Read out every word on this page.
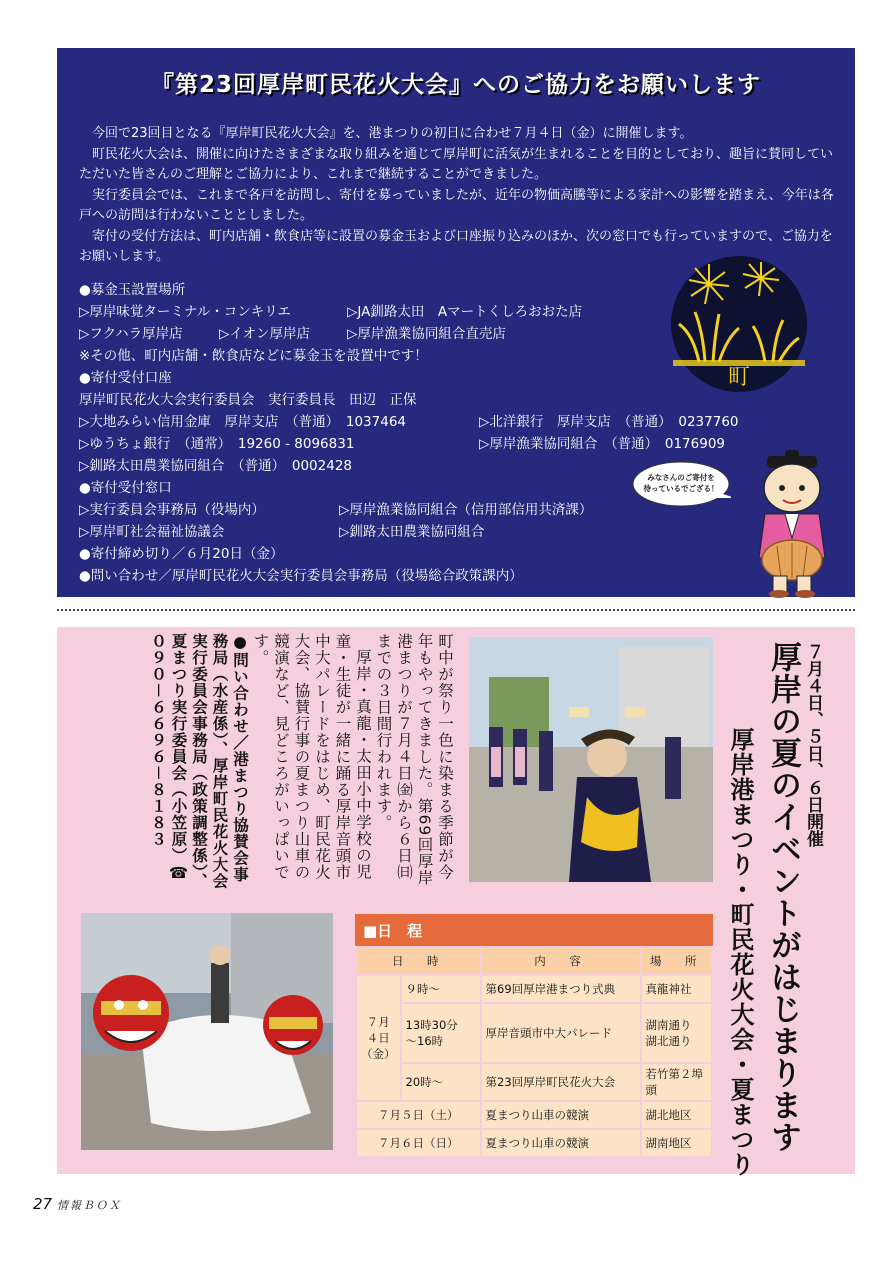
『第23回厚岸町民花火大会』へのご協力をお願いします

今回で23回目となる『厚岸町民花火大会』を、港まつりの初日に合わせ７月４日（金）に開催します。

町民花火大会は、開催に向けたさまざまな取り組みを通じて厚岸町に活気が生まれることを目的としており、趣旨に賛同していただいた皆さんのご理解とご協力により、これまで継続することができました。

実行委員会では、これまで各戸を訪問し、寄付を募っていましたが、近年の物価高騰等による家計への影響を踏まえ、今年は各戸への訪問は行わないこととしました。

寄付の受付方法は、町内店舗・飲食店等に設置の募金玉および口座振り込みのほか、次の窓口でも行っていますので、ご協力をお願いします。

●募金玉設置場所
▷厚岸味覚ターミナル・コンキリエ	▷JA釧路太田　Aマートくしろおおた店
▷フクハラ厚岸店	▷イオン厚岸店	▷厚岸漁業協同組合直売店
※その他、町内店舗・飲食店などに募金玉を設置中です！
●寄付受付口座
厚岸町民花火大会実行委員会　実行委員長　田辺　正保
▷大地みらい信用金庫　厚岸支店　（普通）　1037464	▷北洋銀行　厚岸支店　（普通）　0237760
▷ゆうちょ銀行　（通常）　19260 - 8096831	▷厚岸漁業協同組合　（普通）　0176909
▷釧路太田農業協同組合　（普通）　0002428
●寄付受付窓口
▷実行委員会事務局（役場内）	▷厚岸漁業協同組合（信用部信用共済課）
▷厚岸町社会福祉協議会	▷釧路太田農業協同組合
●寄付締め切り／６月20日（金）
●問い合わせ／厚岸町民花火大会実行委員会事務局（役場総合政策課内）
町
みなさんのご寄付を
待っているでござる！
７月４日、５日、６日開催
厚岸の夏のイベントがはじまります
厚岸港まつり・町民花火大会・夏まつり

町中が祭り一色に染まる季節が今年もやってきました。第69回厚岸港まつりが７月４日㈮から６日㈰までの３日間行われます。

厚岸・真龍・太田小中学校の児童・生徒が一緒に踊る厚岸音頭市中大パレードをはじめ、町民花火大会、協賛行事の夏まつり山車の競演など、見どころがいっぱいです。

●問い合わせ／港まつり協賛会事務局（水産係）、厚岸町民花火大会実行委員会事務局（政策調整係）、夏まつり実行委員会（小笠原）☎０９０－６６９６－８１８３

■日　程
日　時		内　容	場　所
７月
４日
（金）	９時～	第69回厚岸港まつり式典	真龍神社
	13時30分
～16時	厚岸音頭市中大パレード	湖南通り
湖北通り
	20時～	第23回厚岸町民花火大会	若竹第２埠頭
７月５日（土）		夏まつり山車の競演	湖北地区
７月６日（日）		夏まつり山車の競演	湖南地区
27 情報ＢＯＸ
